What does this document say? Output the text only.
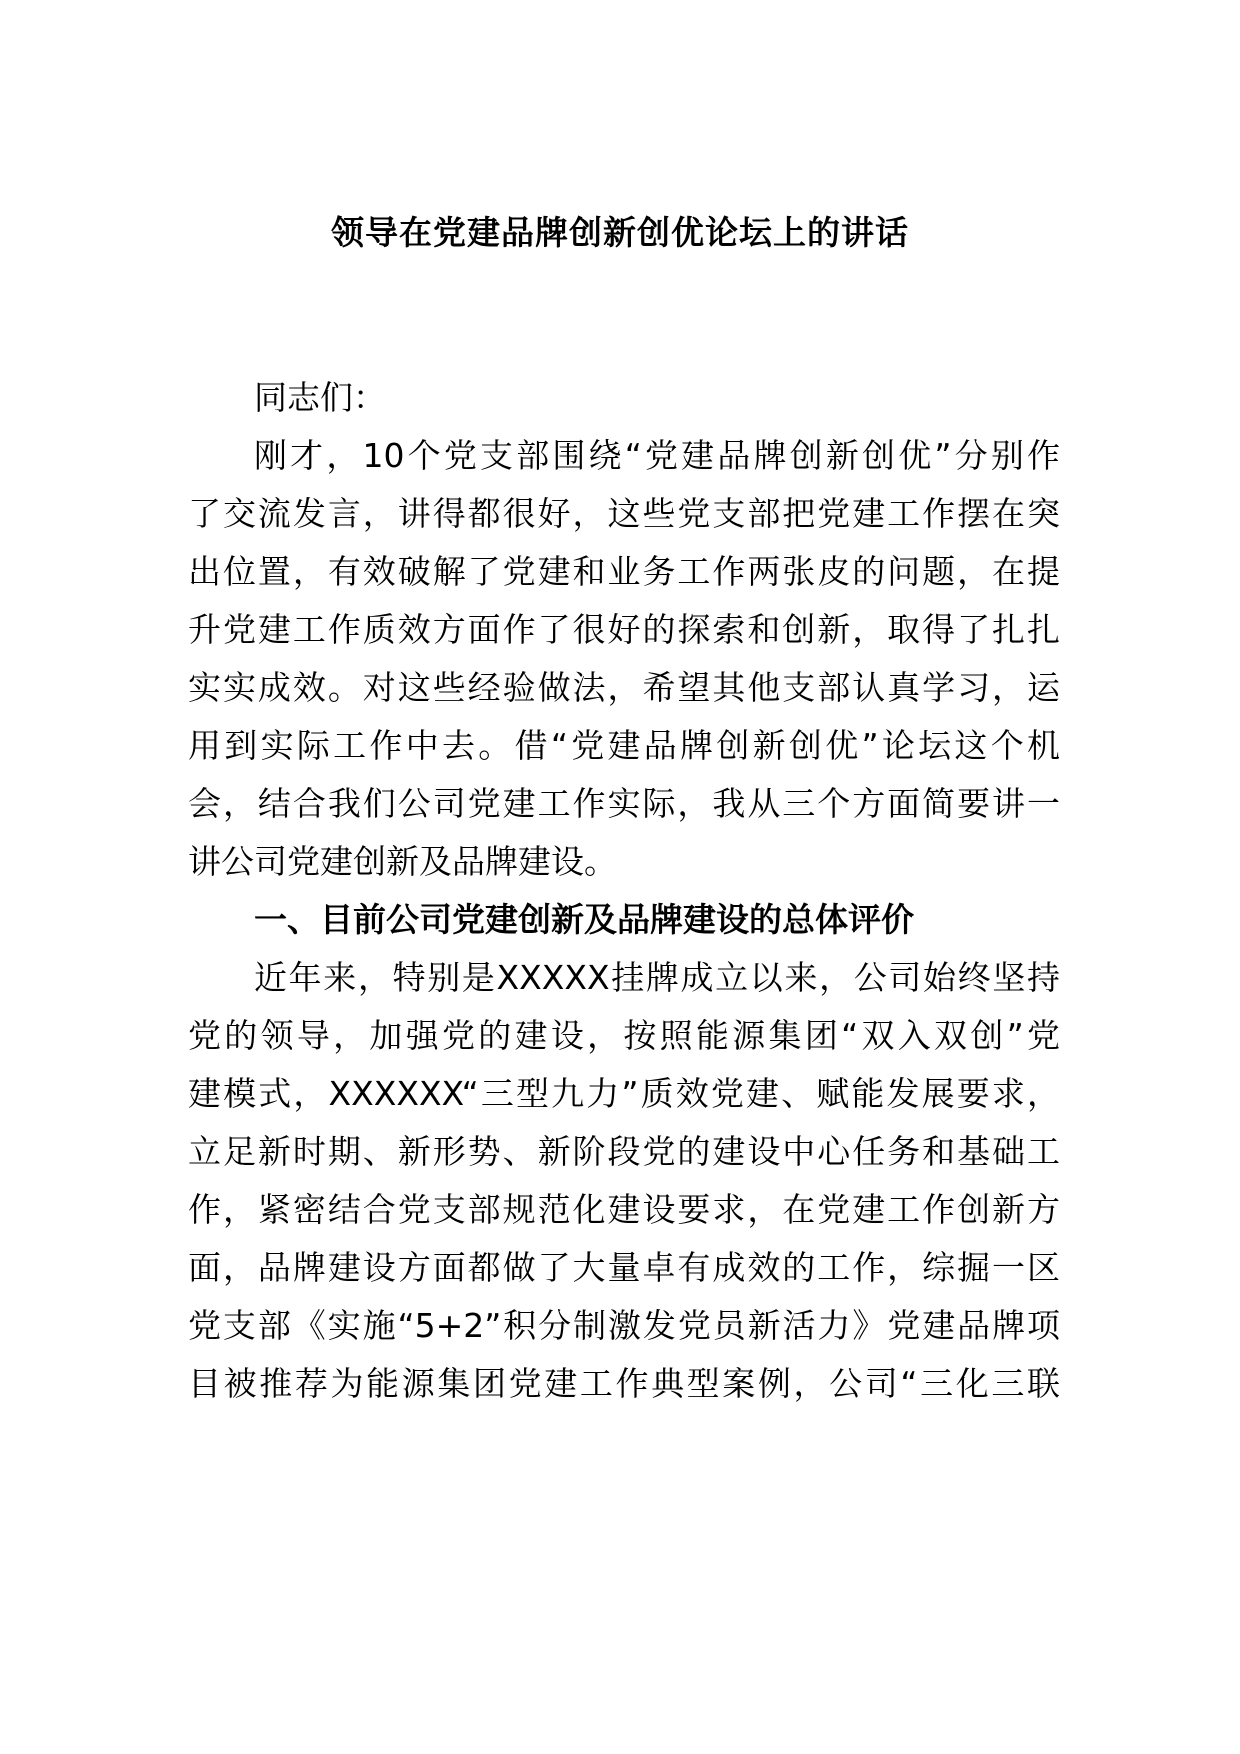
领导在党建品牌创新创优论坛上的讲话
同志们：
刚才，10个党支部围绕“党建品牌创新创优”分别作
了交流发言，讲得都很好，这些党支部把党建工作摆在突
出位置，有效破解了党建和业务工作两张皮的问题，在提
升党建工作质效方面作了很好的探索和创新，取得了扎扎
实实成效。对这些经验做法，希望其他支部认真学习，运
用到实际工作中去。借“党建品牌创新创优”论坛这个机
会，结合我们公司党建工作实际，我从三个方面简要讲一
讲公司党建创新及品牌建设。
一、目前公司党建创新及品牌建设的总体评价
近年来，特别是XXXXX挂牌成立以来，公司始终坚持
党的领导，加强党的建设，按照能源集团“双入双创”党
建模式，XXXXXX“三型九力”质效党建、赋能发展要求，
立足新时期、新形势、新阶段党的建设中心任务和基础工
作，紧密结合党支部规范化建设要求，在党建工作创新方
面，品牌建设方面都做了大量卓有成效的工作，综掘一区
党支部《实施“5+2”积分制激发党员新活力》党建品牌项
目被推荐为能源集团党建工作典型案例，公司“三化三联
